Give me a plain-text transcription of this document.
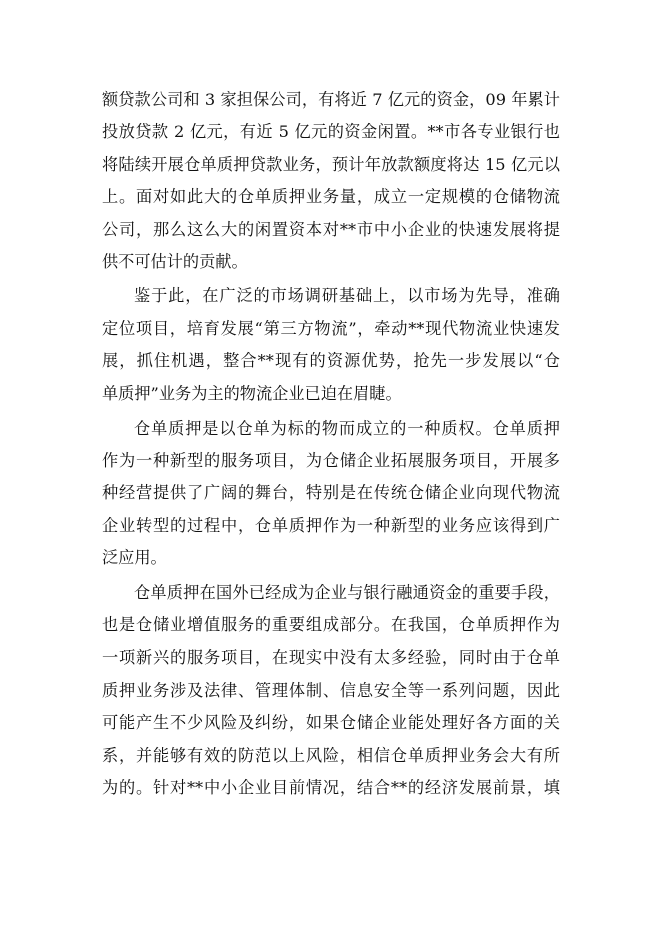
额贷款公司和 3 家担保公司，有将近 7 亿元的资金，09 年累计
投放贷款 2 亿元，有近 5 亿元的资金闲置。**市各专业银行也
将陆续开展仓单质押贷款业务，预计年放款额度将达 15 亿元以
上。面对如此大的仓单质押业务量，成立一定规模的仓储物流
公司，那么这么大的闲置资本对**市中小企业的快速发展将提
供不可估计的贡献。
鉴于此，在广泛的市场调研基础上，以市场为先导，准确
定位项目，培育发展“第三方物流”，牵动**现代物流业快速发
展，抓住机遇，整合**现有的资源优势，抢先一步发展以“仓
单质押”业务为主的物流企业已迫在眉睫。
仓单质押是以仓单为标的物而成立的一种质权。仓单质押
作为一种新型的服务项目，为仓储企业拓展服务项目，开展多
种经营提供了广阔的舞台，特别是在传统仓储企业向现代物流
企业转型的过程中，仓单质押作为一种新型的业务应该得到广
泛应用。
仓单质押在国外已经成为企业与银行融通资金的重要手段，
也是仓储业增值服务的重要组成部分。在我国，仓单质押作为
一项新兴的服务项目，在现实中没有太多经验，同时由于仓单
质押业务涉及法律、管理体制、信息安全等一系列问题，因此
可能产生不少风险及纠纷，如果仓储企业能处理好各方面的关
系，并能够有效的防范以上风险，相信仓单质押业务会大有所
为的。针对**中小企业目前情况，结合**的经济发展前景，填
